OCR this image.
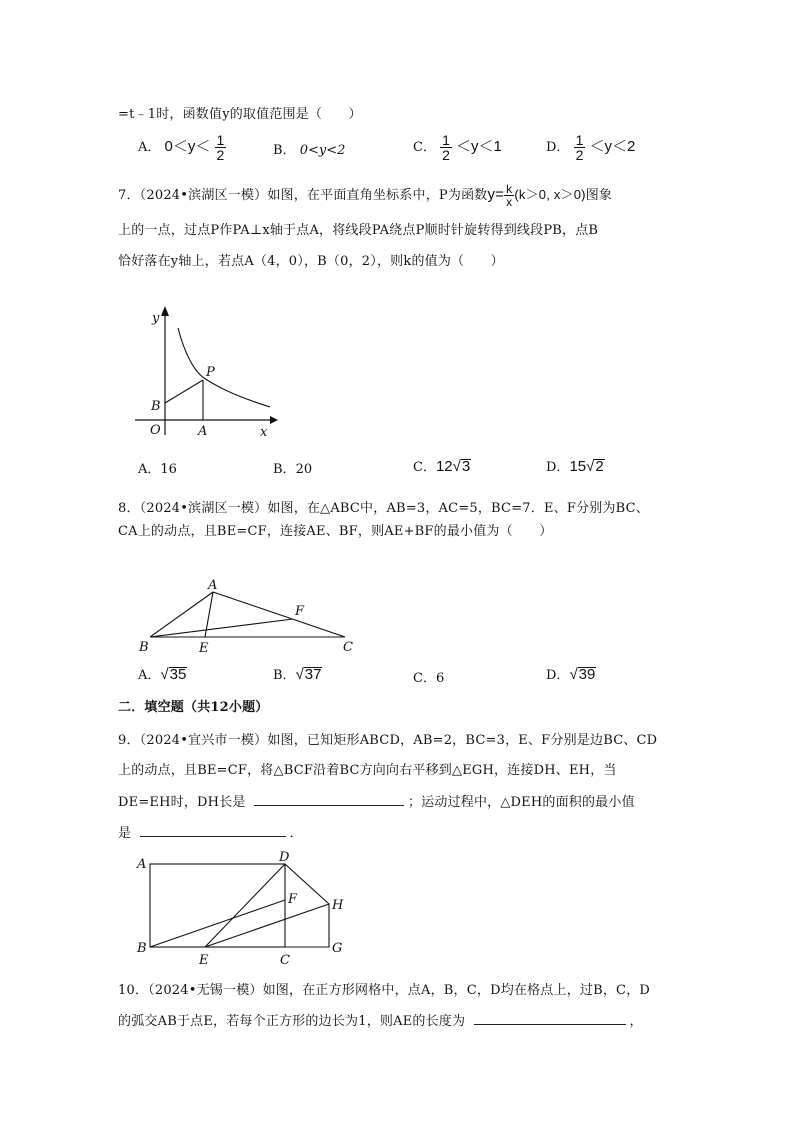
=t﹣1时，函数值y的取值范围是（　　）
A． $0<y< \frac{1}{2}$	B． 0<y<2	C． $\frac{1}{2} <y<1$	D． $\frac{1}{2} <y<2$
7．（2024•滨湖区一模）如图，在平面直角坐标系中，P为函数$y= \frac{k}{x} (k>0$, x＞0)图象
上的一点，过点P作PA⊥x轴于点A，将线段PA绕点P顺时针旋转得到线段PB，点B
恰好落在y轴上，若点A（4，0），B（0，2），则k的值为（　　）
y
x
O	A
B
P
A．16	B．20	C．12√3	D．15√2
8．（2024•滨湖区一模）如图，在△ABC中，AB=3，AC=5，BC=7．E、F分别为BC、
CA上的动点，且BE=CF，连接AE、BF，则AE+BF的最小值为（　　）
A
B	C
E
F
A．√35	B．√37	C．6	D．√39
二．填空题（共12小题）
9．（2024•宜兴市一模）如图，已知矩形ABCD，AB=2，BC=3，E、F分别是边BC、CD
上的动点，且BE=CF，将△BCF沿着BC方向向右平移到△EGH，连接DH、EH，当
DE=EH时，DH长是	；运动过程中，△DEH的面积的最小值
是	．
A
B
C
D
E
F
G
H
10．（2024•无锡一模）如图，在正方形网格中，点A，B，C，D均在格点上，过B，C，D
的弧交AB于点E，若每个正方形的边长为1，则AE的长度为	，
